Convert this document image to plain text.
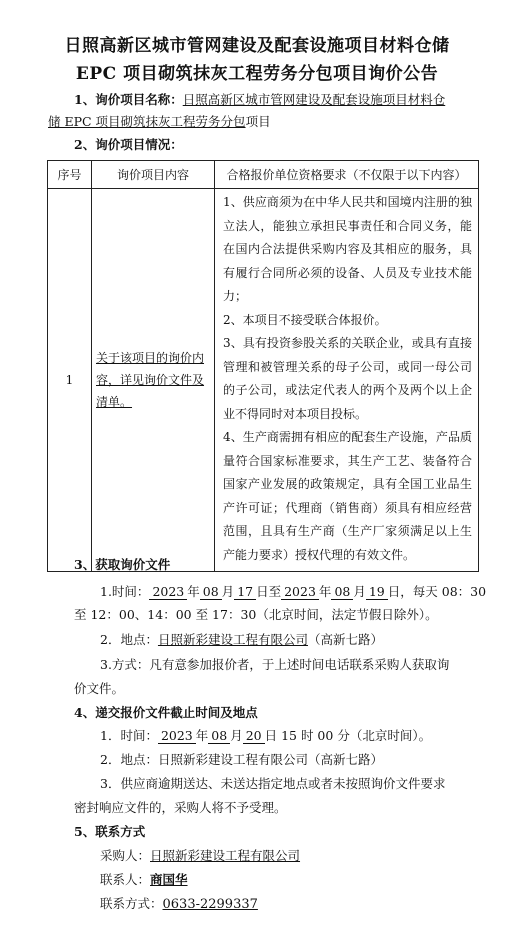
日照高新区城市管网建设及配套设施项目材料仓储
EPC 项目砌筑抹灰工程劳务分包项目询价公告
1、询价项目名称：日照高新区城市管网建设及配套设施项目材料仓
储 EPC 项目砌筑抹灰工程劳务分包项目
2、询价项目情况：
序号	询价项目内容	合格报价单位资格要求（不仅限于以下内容）
1	关于该项目的询价内容，详见询价文件及清单。	1、供应商须为在中华人民共和国境内注册的独立法人，能独立承担民事责任和合同义务，能在国内合法提供采购内容及其相应的服务，具有履行合同所必须的设备、人员及专业技术能力；

2、本项目不接受联合体报价。

3、具有投资参股关系的关联企业，或具有直接管理和被管理关系的母子公司，或同一母公司的子公司，或法定代表人的两个及两个以上企业不得同时对本项目投标。

4、生产商需拥有相应的配套生产设施，产品质量符合国家标准要求，其生产工艺、装备符合国家产业发展的政策规定，具有全国工业品生产许可证；代理商（销售商）须具有相应经营范围，且具有生产商（生产厂家须满足以上生产能力要求）授权代理的有效文件。

3、获取询价文件
1.时间： 2023 年 08 月 17 日至 2023 年 08 月 19 日，每天 08：30
至 12：00、14：00 至 17：30（北京时间，法定节假日除外）。
2．地点：日照新彩建设工程有限公司（高新七路）
3.方式：凡有意参加报价者，于上述时间电话联系采购人获取询
价文件。
4、递交报价文件截止时间及地点
1．时间： 2023 年 08 月 20 日 15 时 00 分（北京时间）。
2．地点：日照新彩建设工程有限公司（高新七路）
3．供应商逾期送达、未送达指定地点或者未按照询价文件要求
密封响应文件的，采购人将不予受理。
5、联系方式
采购人：日照新彩建设工程有限公司
联系人：商国华
联系方式：0633-2299337
